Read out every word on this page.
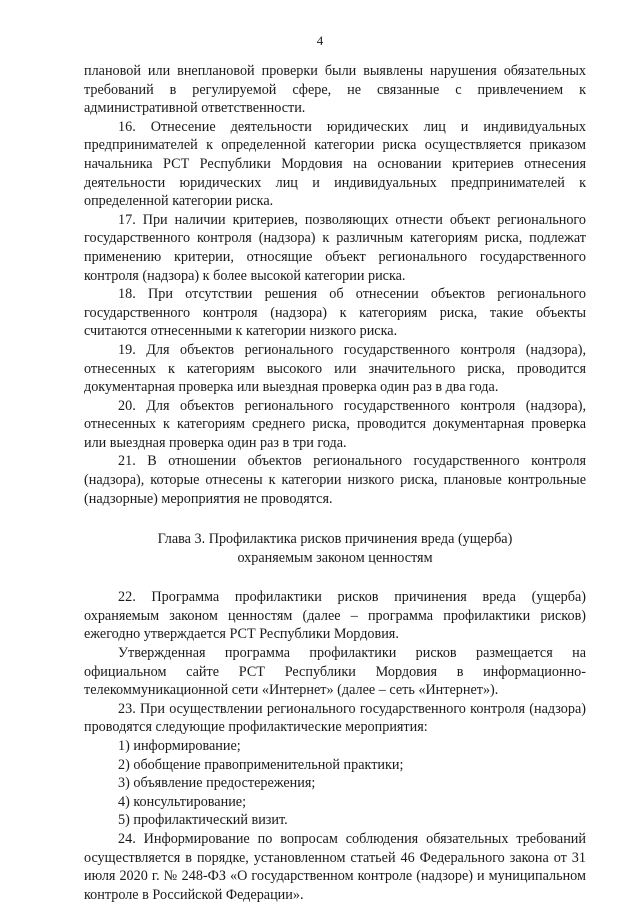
4

плановой или внеплановой проверки были выявлены нарушения обязательных требований в регулируемой сфере, не связанные с привлечением к административной ответственности.

16. Отнесение деятельности юридических лиц и индивидуальных предпринимателей к определенной категории риска осуществляется приказом начальника РСТ Республики Мордовия на основании критериев отнесения деятельности юридических лиц и индивидуальных предпринимателей к определенной категории риска.

17. При наличии критериев, позволяющих отнести объект регионального государственного контроля (надзора) к различным категориям риска, подлежат применению критерии, относящие объект регионального государственного контроля (надзора) к более высокой категории риска.

18. При отсутствии решения об отнесении объектов регионального государственного контроля (надзора) к категориям риска, такие объекты считаются отнесенными к категории низкого риска.

19. Для объектов регионального государственного контроля (надзора), отнесенных к категориям высокого или значительного риска, проводится документарная проверка или выездная проверка один раз в два года.

20. Для объектов регионального государственного контроля (надзора), отнесенных к категориям среднего риска, проводится документарная проверка или выездная проверка один раз в три года.

21. В отношении объектов регионального государственного контроля (надзора), которые отнесены к категории низкого риска, плановые контрольные (надзорные) мероприятия не проводятся.

Глава 3. Профилактика рисков причинения вреда (ущерба)
охраняемым законом ценностям

22. Программа профилактики рисков причинения вреда (ущерба) охраняемым законом ценностям (далее – программа профилактики рисков) ежегодно утверждается РСТ Республики Мордовия.

Утвержденная программа профилактики рисков размещается на официальном сайте РСТ Республики Мордовия в информационно-телекоммуникационной сети «Интернет» (далее – сеть «Интернет»).

23. При осуществлении регионального государственного контроля (надзора) проводятся следующие профилактические мероприятия:

1) информирование;

2) обобщение правоприменительной практики;

3) объявление предостережения;

4) консультирование;

5) профилактический визит.

24. Информирование по вопросам соблюдения обязательных требований осуществляется в порядке, установленном статьей 46 Федерального закона от 31 июля 2020 г. № 248-ФЗ «О государственном контроле (надзоре) и муниципальном контроле в Российской Федерации».
